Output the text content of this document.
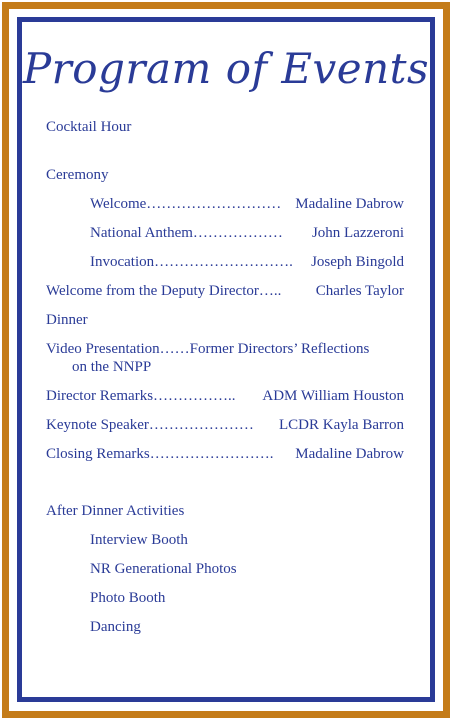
Program of Events
Cocktail Hour
Ceremony
Welcome ……………………… Madaline Dabrow
National Anthem ………………	John Lazzeroni
Invocation ……………………….	Joseph Bingold
Welcome from the Deputy Director …..	Charles Taylor
Dinner
Video Presentation……Former Directors’ Reflections
on the NNPP
Director Remarks ……………..	ADM William Houston
Keynote Speaker …………………	LCDR Kayla Barron
Closing Remarks …………………….	Madaline Dabrow
After Dinner Activities
Interview Booth
NR Generational Photos
Photo Booth
Dancing
